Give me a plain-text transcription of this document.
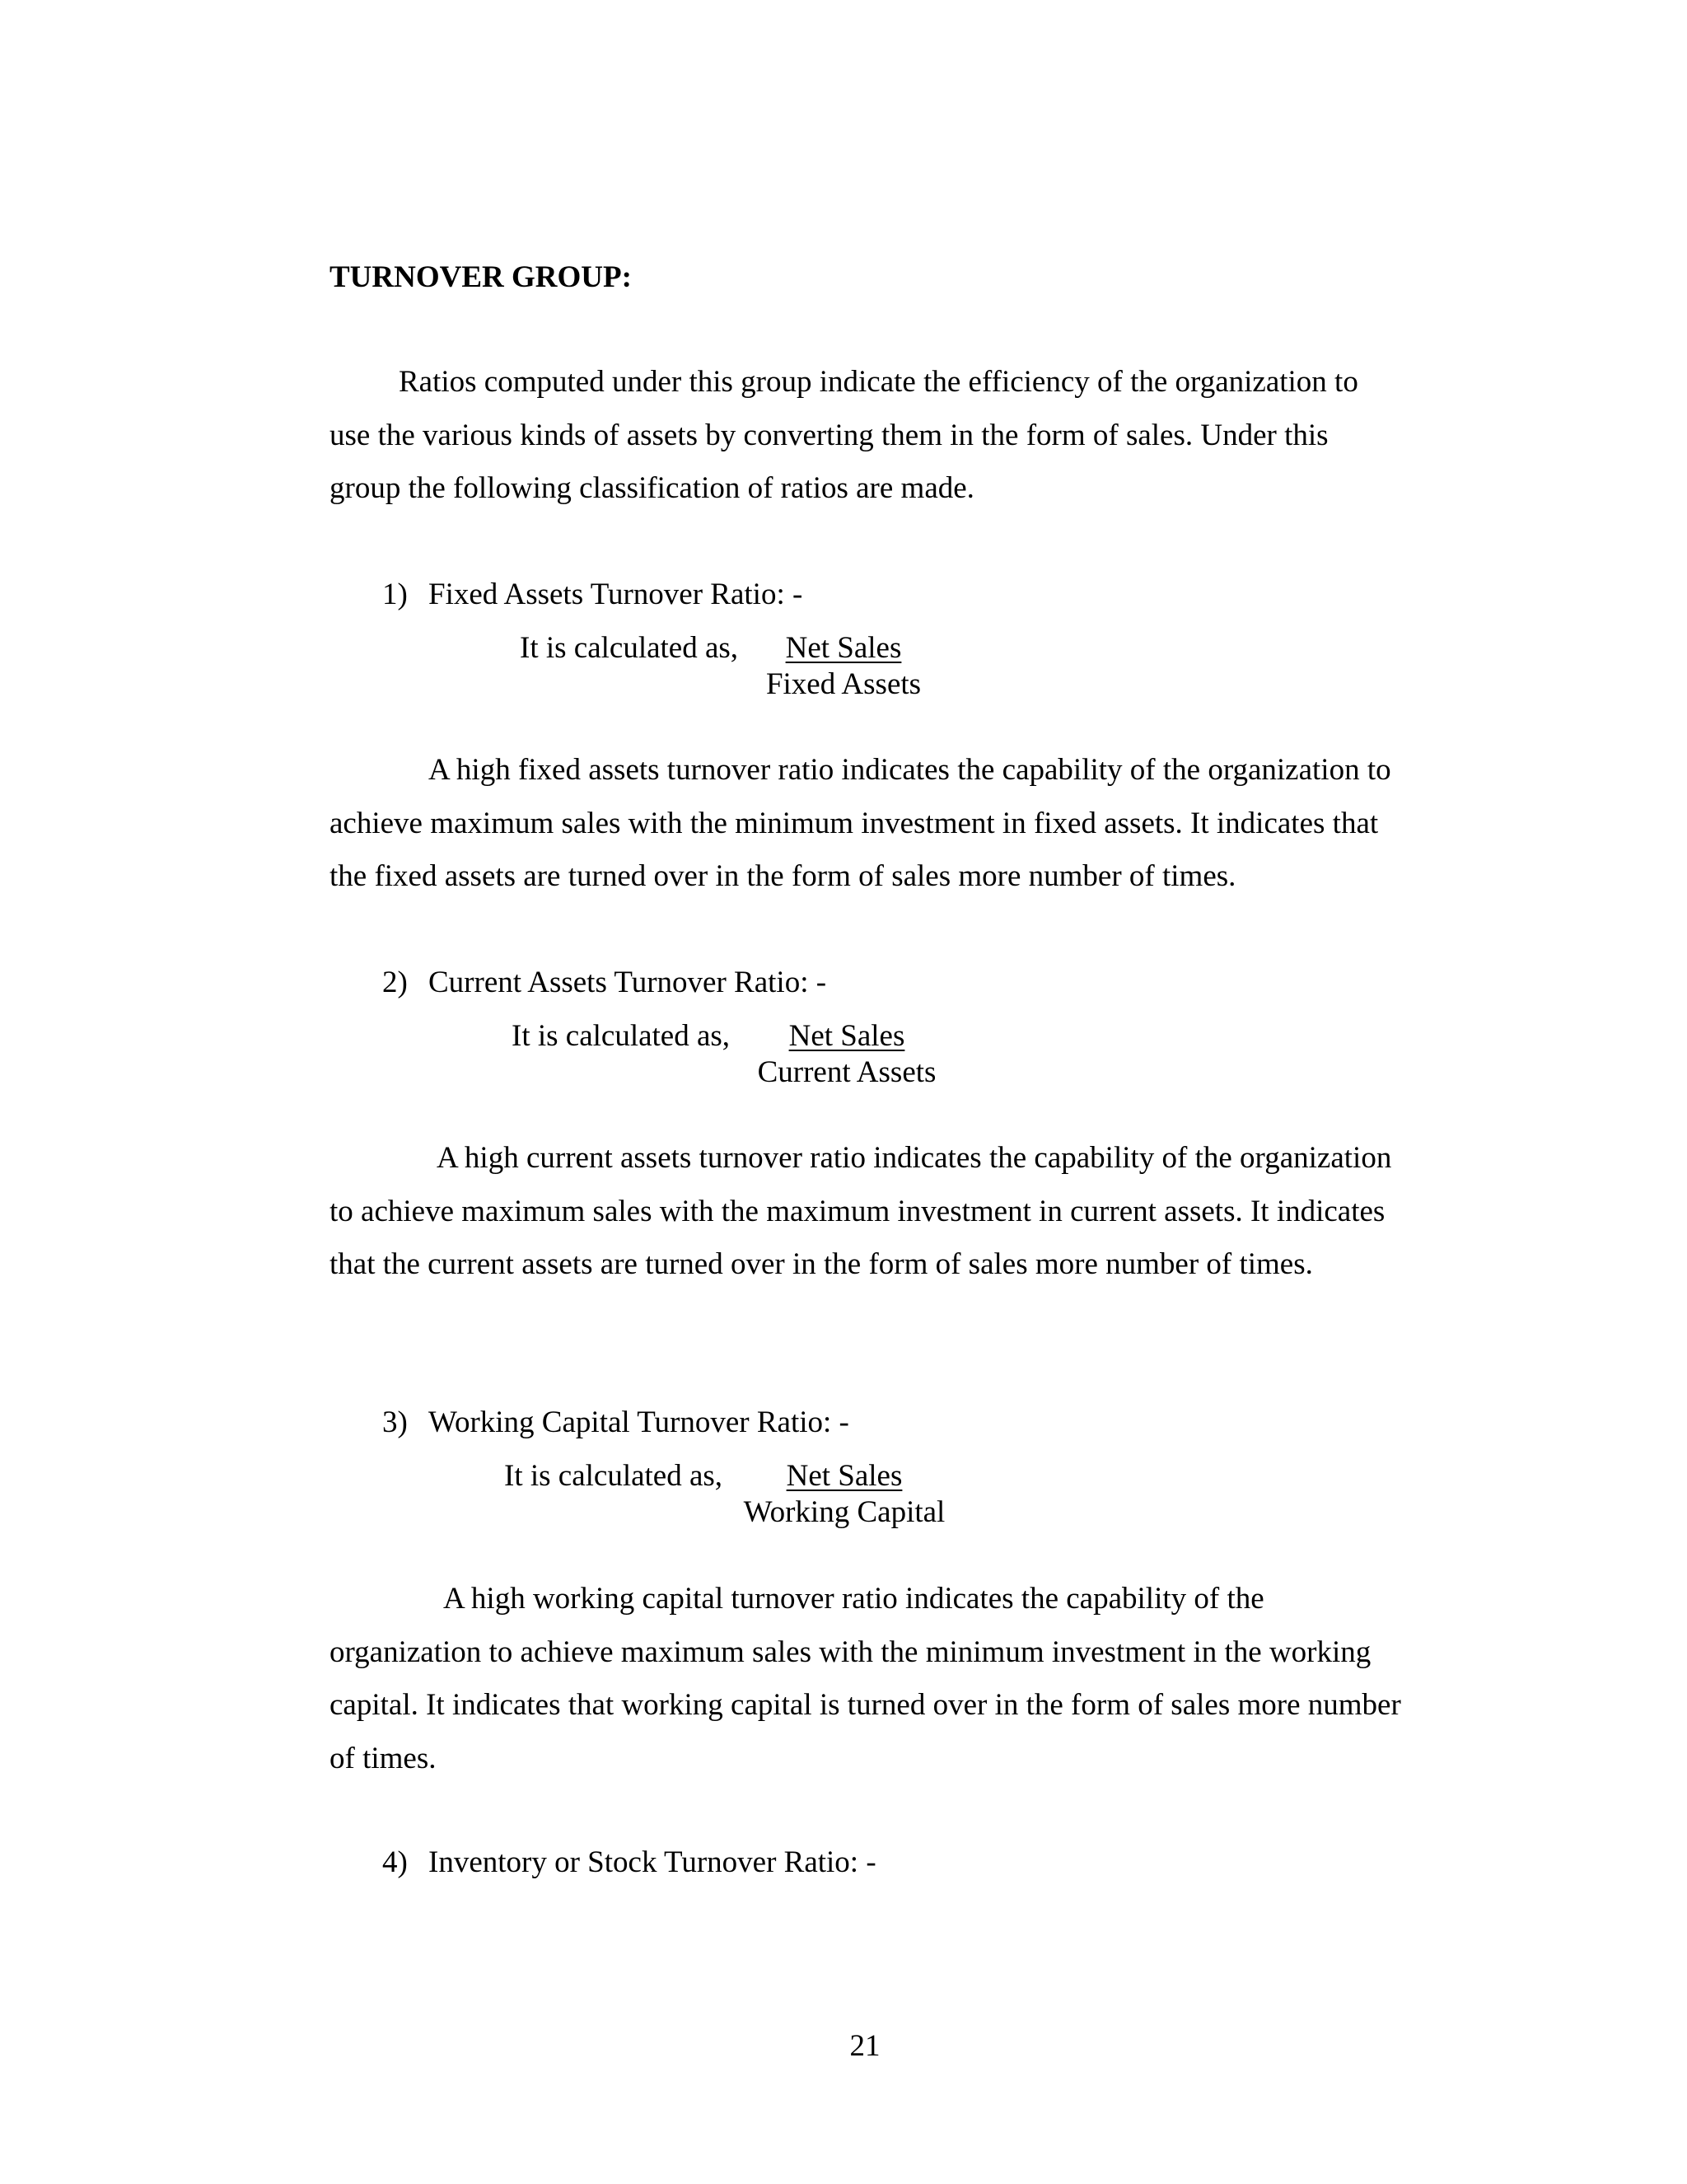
TURNOVER GROUP:
Ratios computed under this group indicate the efficiency of the organization to
use the various kinds of assets by converting them in the form of sales. Under this
group the following classification of ratios are made.
1) Fixed Assets Turnover Ratio: -
It is calculated as,	Net Sales
Fixed Assets
A high fixed assets turnover ratio indicates the capability of the organization to
achieve maximum sales with the minimum investment in fixed assets. It indicates that
the fixed assets are turned over in the form of sales more number of times.
2) Current Assets Turnover Ratio: -
It is calculated as,	Net Sales
Current Assets
A high current assets turnover ratio indicates the capability of the organization
to achieve maximum sales with the maximum investment in current assets. It indicates
that the current assets are turned over in the form of sales more number of times.
3) Working Capital Turnover Ratio: -
It is calculated as,	Net Sales
Working Capital
A high working capital turnover ratio indicates the capability of the
organization to achieve maximum sales with the minimum investment in the working
capital. It indicates that working capital is turned over in the form of sales more number
of times.
4) Inventory or Stock Turnover Ratio: -
21
